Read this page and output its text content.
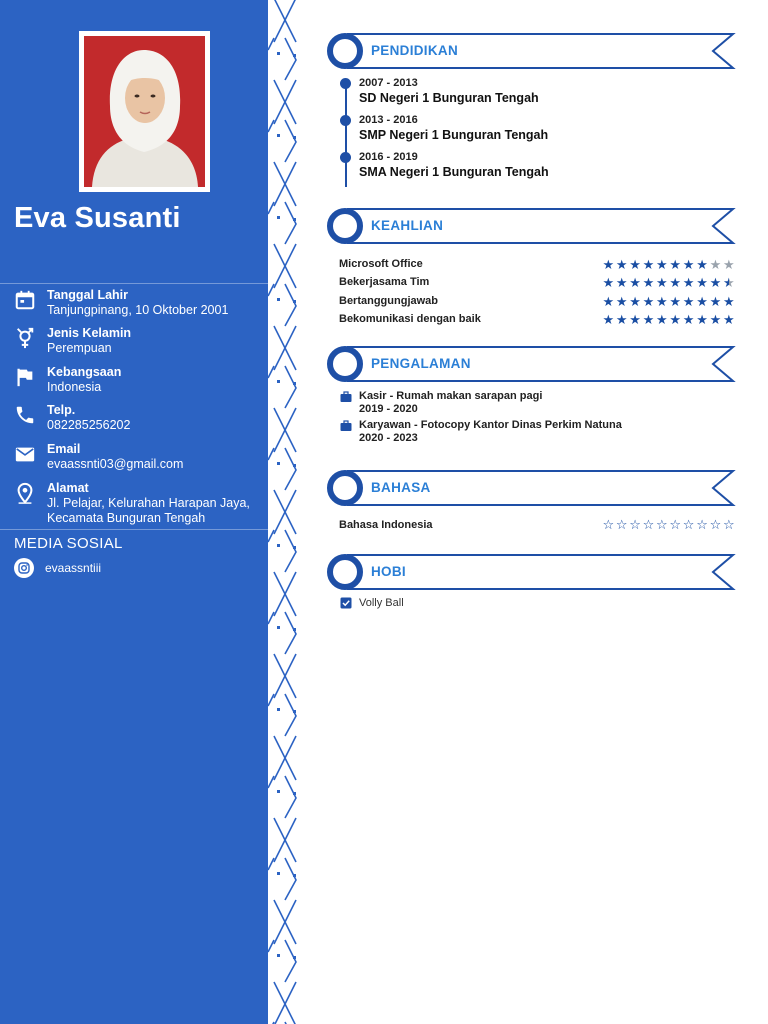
Eva Susanti
Tanggal Lahir
Tanjungpinang, 10 Oktober 2001
Jenis Kelamin
Perempuan
Kebangsaan
Indonesia
Telp.
082285256202
Email
evaassnti03@gmail.com
Alamat
Jl. Pelajar, Kelurahan Harapan Jaya,
Kecamata Bunguran Tengah
MEDIA SOSIAL
evaassntiii
PENDIDIKAN
2007 - 2013
SD Negeri 1 Bunguran Tengah
2013 - 2016
SMP Negeri 1 Bunguran Tengah
2016 - 2019
SMA Negeri 1 Bunguran Tengah
KEAHLIAN
Microsoft Office	★ ★ ★ ★ ★ ★ ★ ★ ★ ★
Bekerjasama Tim	★ ★ ★ ★ ★ ★ ★ ★ ★ ★
Bertanggungjawab	★ ★ ★ ★ ★ ★ ★ ★ ★ ★
Bekomunikasi dengan baik	★ ★ ★ ★ ★ ★ ★ ★ ★ ★
PENGALAMAN
Kasir - Rumah makan sarapan pagi
2019 - 2020
Karyawan - Fotocopy Kantor Dinas Perkim Natuna
2020 - 2023
BAHASA
Bahasa Indonesia	☆ ☆ ☆ ☆ ☆ ☆ ☆ ☆ ☆ ☆
HOBI
Volly Ball
